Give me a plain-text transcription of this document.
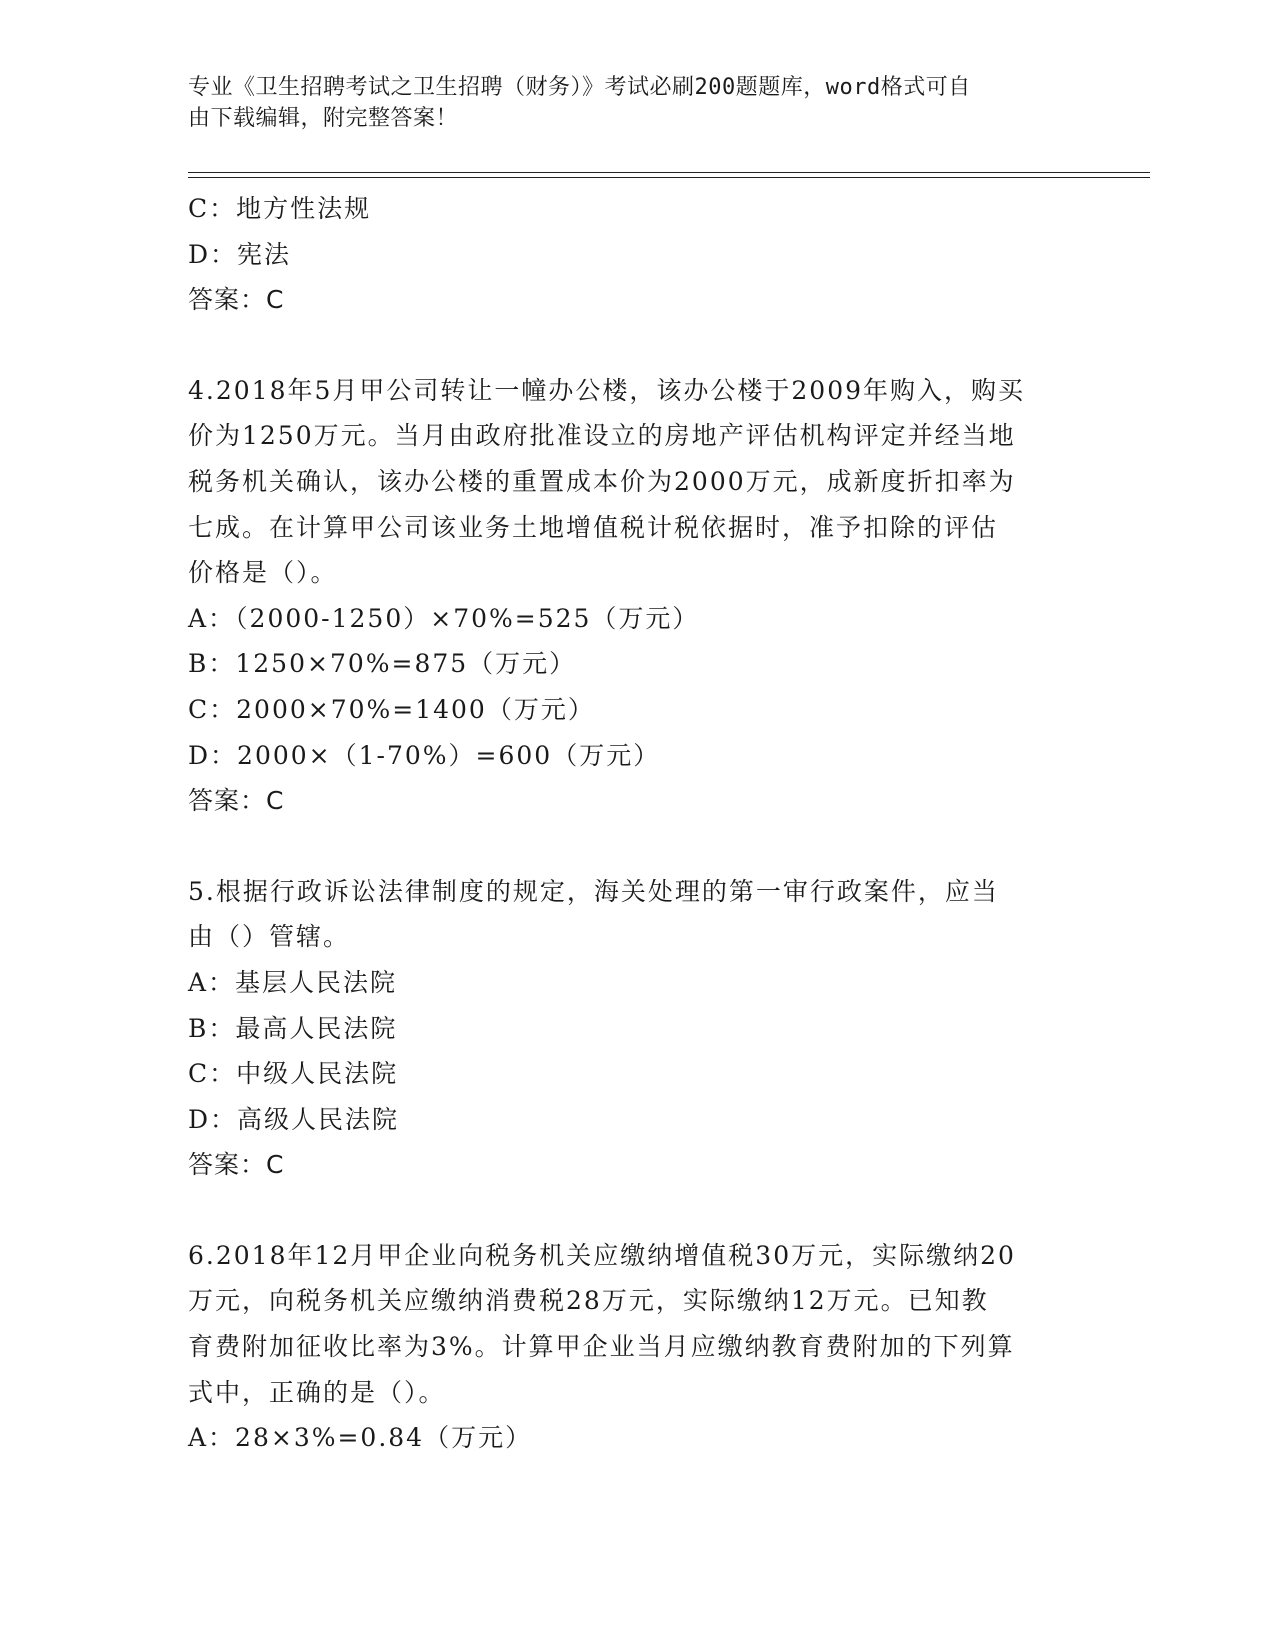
专业《卫生招聘考试之卫生招聘（财务）》考试必刷200题题库，word格式可自
由下载编辑，附完整答案！
C：地方性法规
D：宪法
答案：C
4.2018年5月甲公司转让一幢办公楼，该办公楼于2009年购入，购买
价为1250万元。当月由政府批准设立的房地产评估机构评定并经当地
税务机关确认，该办公楼的重置成本价为2000万元，成新度折扣率为
七成。在计算甲公司该业务土地增值税计税依据时，准予扣除的评估
价格是（）。
A：（2000-1250）×70%=525（万元）
B：1250×70%=875（万元）
C：2000×70%=1400（万元）
D：2000×（1-70%）=600（万元）
答案：C
5.根据行政诉讼法律制度的规定，海关处理的第一审行政案件，应当
由（）管辖。
A：基层人民法院
B：最高人民法院
C：中级人民法院
D：高级人民法院
答案：C
6.2018年12月甲企业向税务机关应缴纳增值税30万元，实际缴纳20
万元，向税务机关应缴纳消费税28万元，实际缴纳12万元。已知教
育费附加征收比率为3%。计算甲企业当月应缴纳教育费附加的下列算
式中，正确的是（）。
A：28×3%=0.84（万元）
